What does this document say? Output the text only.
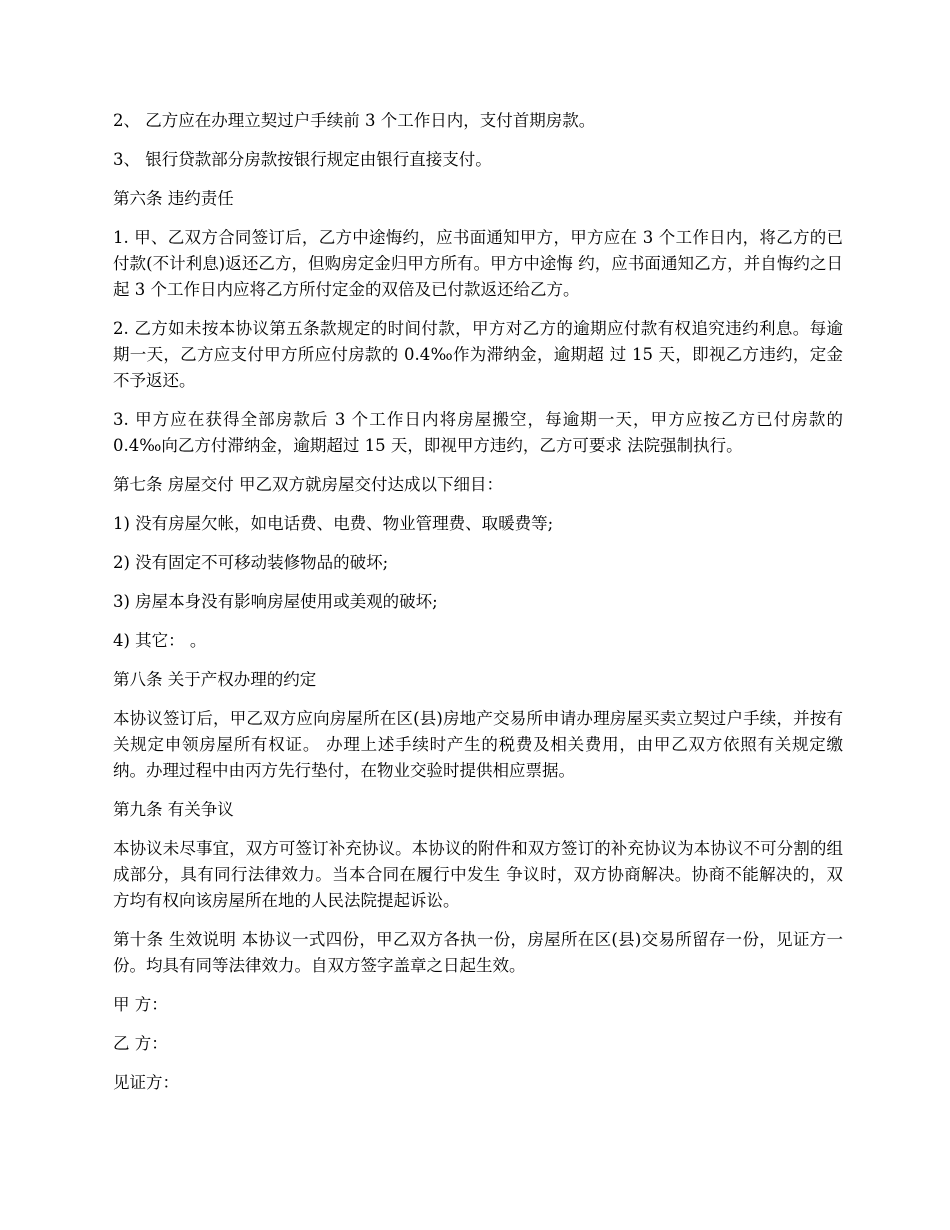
2、 乙方应在办理立契过户手续前 3 个工作日内，支付首期房款。

3、 银行贷款部分房款按银行规定由银行直接支付。

第六条 违约责任

1. 甲、乙双方合同签订后，乙方中途悔约，应书面通知甲方，甲方应在 3 个工作日内，将乙方的已付款(不计利息)返还乙方，但购房定金归甲方所有。甲方中途悔 约，应书面通知乙方，并自悔约之日起 3 个工作日内应将乙方所付定金的双倍及已付款返还给乙方。

2. 乙方如未按本协议第五条款规定的时间付款，甲方对乙方的逾期应付款有权追究违约利息。每逾期一天，乙方应支付甲方所应付房款的 0.4‰作为滞纳金，逾期超 过 15 天，即视乙方违约，定金不予返还。

3. 甲方应在获得全部房款后 3 个工作日内将房屋搬空，每逾期一天，甲方应按乙方已付房款的 0.4‰向乙方付滞纳金，逾期超过 15 天，即视甲方违约，乙方可要求 法院强制执行。

第七条 房屋交付 甲乙双方就房屋交付达成以下细目：

1) 没有房屋欠帐，如电话费、电费、物业管理费、取暖费等;

2) 没有固定不可移动装修物品的破坏;

3) 房屋本身没有影响房屋使用或美观的破坏;

4) 其它： 。

第八条 关于产权办理的约定

本协议签订后，甲乙双方应向房屋所在区(县)房地产交易所申请办理房屋买卖立契过户手续，并按有关规定申领房屋所有权证。 办理上述手续时产生的税费及相关费用，由甲乙双方依照有关规定缴纳。办理过程中由丙方先行垫付，在物业交验时提供相应票据。

第九条 有关争议

本协议未尽事宜，双方可签订补充协议。本协议的附件和双方签订的补充协议为本协议不可分割的组成部分，具有同行法律效力。当本合同在履行中发生 争议时，双方协商解决。协商不能解决的，双方均有权向该房屋所在地的人民法院提起诉讼。

第十条 生效说明 本协议一式四份，甲乙双方各执一份，房屋所在区(县)交易所留存一份，见证方一份。均具有同等法律效力。自双方签字盖章之日起生效。

甲 方：

乙 方：

见证方：
